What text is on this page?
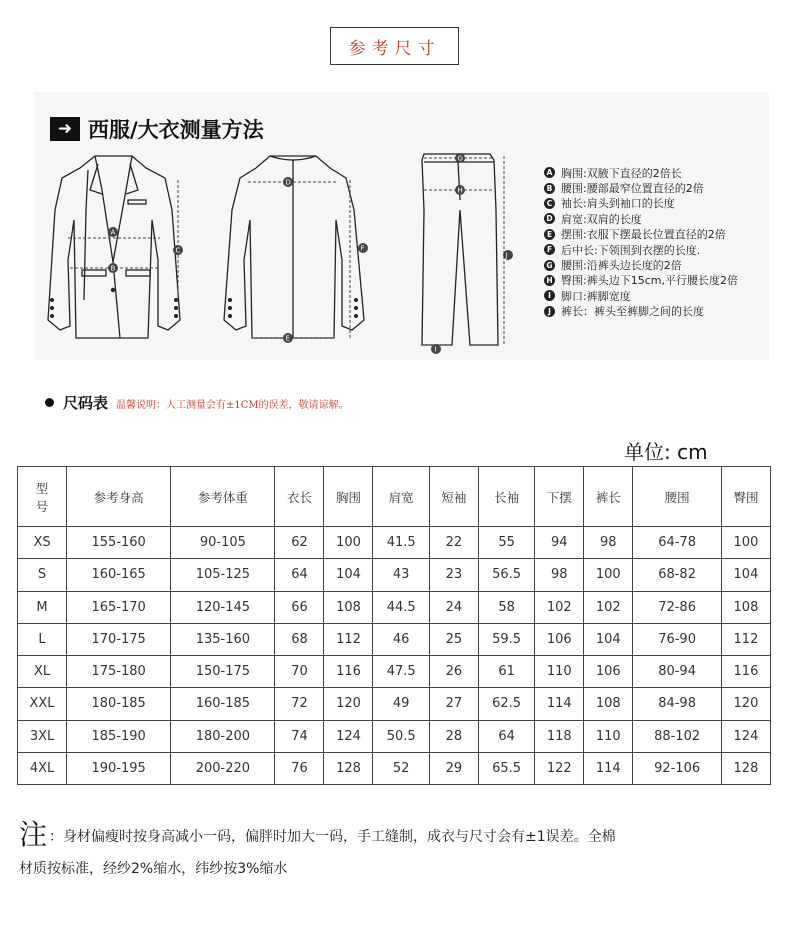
参考尺寸
➜ 西服/大衣测量方法
A
B
C
D
E
F
G
H
I
J
A 胸围:双腋下直径的2倍长
B 腰围:腰部最窄位置直径的2倍
C 袖长:肩头到袖口的长度
D 肩宽:双肩的长度
E 摆围:衣服下摆最长位置直径的2倍
F 后中长:下领围到衣摆的长度.
G 腰围:沿裤头边长度的2倍
H 臀围:裤头边下15cm,平行腰长度2倍
I 脚口:裤脚宽度
J 裤长：裤头至裤脚之间的长度
尺码表 温馨说明：人工测量会有±1CM的误差，敬请谅解。
单位: cm
型
号	参考身高	参考体重	衣长	胸围	肩宽	短袖	长袖	下摆	裤长	腰围	臀围
XS	155-160	90-105	62	100	41.5	22	55	94	98	64-78	100
S	160-165	105-125	64	104	43	23	56.5	98	100	68-82	104
M	165-170	120-145	66	108	44.5	24	58	102	102	72-86	108
L	170-175	135-160	68	112	46	25	59.5	106	104	76-90	112
XL	175-180	150-175	70	116	47.5	26	61	110	106	80-94	116
XXL	180-185	160-185	72	120	49	27	62.5	114	108	84-98	120
3XL	185-190	180-200	74	124	50.5	28	64	118	110	88-102	124
4XL	190-195	200-220	76	128	52	29	65.5	122	114	92-106	128
注 ：身材偏瘦时按身高减小一码，偏胖时加大一码，手工缝制，成衣与尺寸会有±1误差。全棉
材质按标准，经纱2%缩水，纬纱按3%缩水
